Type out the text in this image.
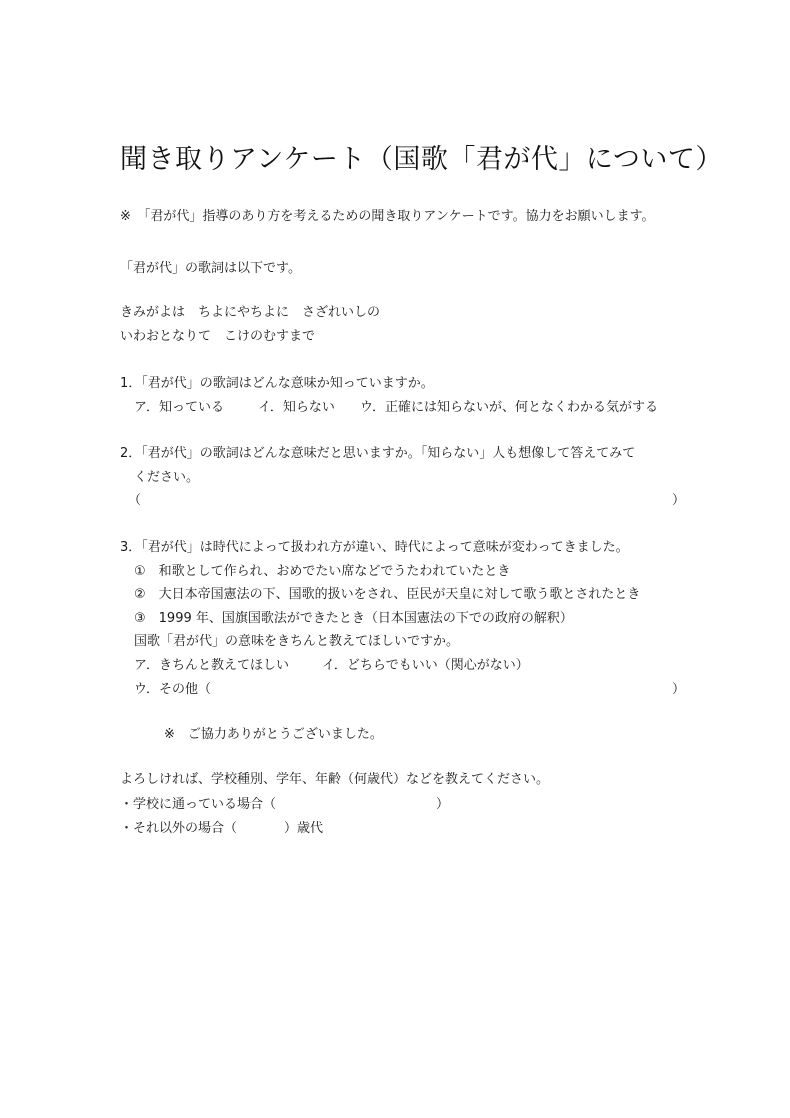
聞き取りアンケート（国歌「君が代」について）
※　「君が代」指導のあり方を考えるための聞き取りアンケートです。協力をお願いします。
「君が代」の歌詞は以下です。
きみがよは　ちよにやちよに　さざれいしの
いわおとなりて　こけのむすまで
1．「君が代」の歌詞はどんな意味か知っていますか。
ア．知っている	イ．知らない ウ．正確には知らないが、何となくわかる気がする
2．「君が代」の歌詞はどんな意味だと思いますか。「知らない」人も想像して答えてみて
ください。
（	）
3．「君が代」は時代によって扱われ方が違い、時代によって意味が変わってきました。
①　和歌として作られ、おめでたい席などでうたわれていたとき
②　大日本帝国憲法の下、国歌的扱いをされ、臣民が天皇に対して歌う歌とされたとき
③　1999 年、国旗国歌法ができたとき（日本国憲法の下での政府の解釈）
国歌「君が代」の意味をきちんと教えてほしいですか。
ア．きちんと教えてほしい	イ．どちらでもいい（関心がない）
ウ．その他（	）
※　ご協力ありがとうございました。
よろしければ、学校種別、学年、年齢（何歳代）などを教えてください。
・学校に通っている場合（	）
・それ以外の場合（	）歳代
